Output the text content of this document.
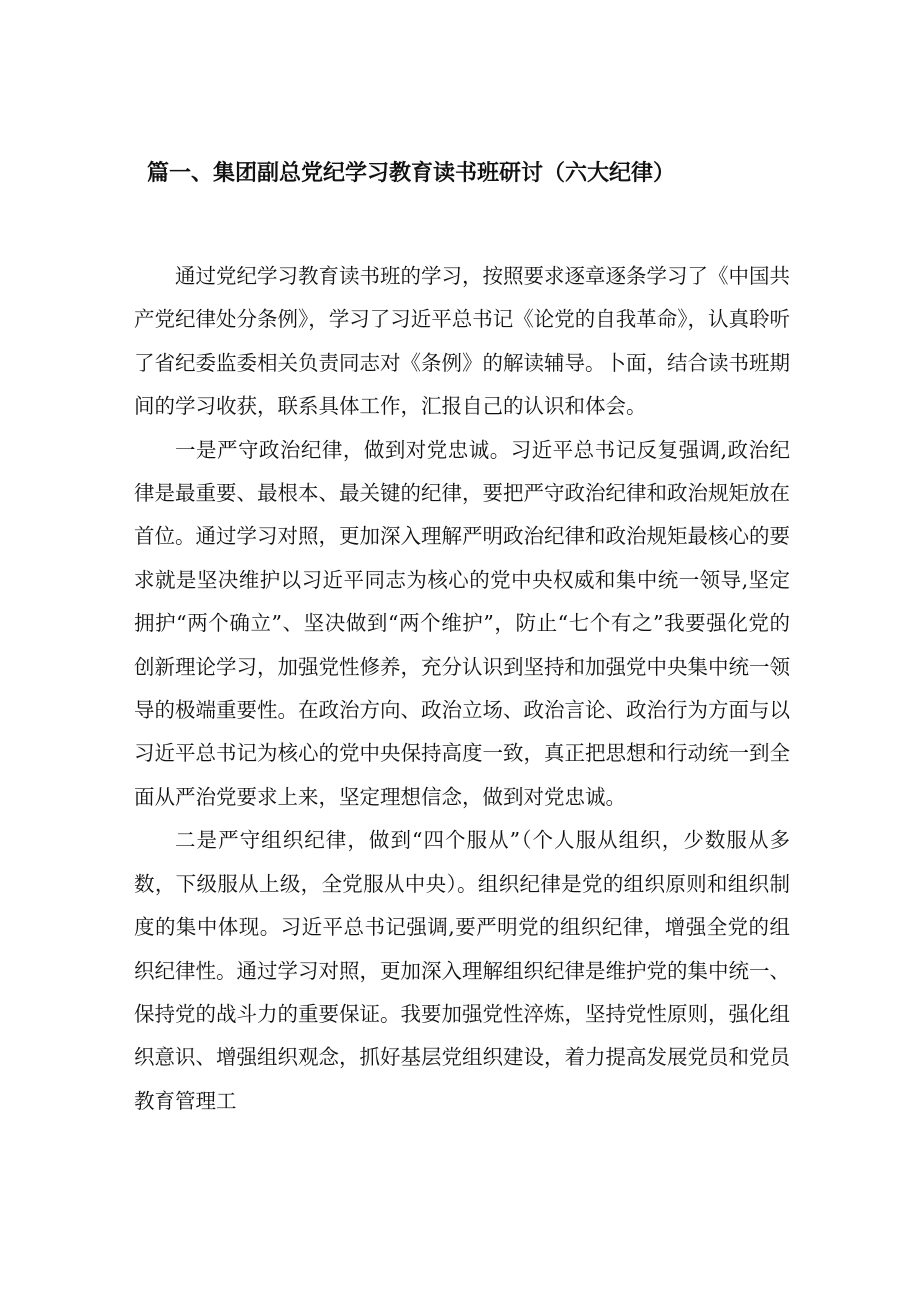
篇一、集团副总党纪学习教育读书班研讨（六大纪律）

通过党纪学习教育读书班的学习，按照要求逐章逐条学习了《中国共产党纪律处分条例》，学习了习近平总书记《论党的自我革命》，认真聆听了省纪委监委相关负责同志对《条例》的解读辅导。卜面，结合读书班期间的学习收获，联系具体工作，汇报自己的认识和体会。

一是严守政治纪律，做到对党忠诚。习近平总书记反复强调,政治纪律是最重要、最根本、最关键的纪律，要把严守政治纪律和政治规矩放在首位。通过学习对照，更加深入理解严明政治纪律和政治规矩最核心的要求就是坚决维护以习近平同志为核心的党中央权威和集中统一领导,坚定拥护“两个确立”、坚决做到“两个维护”，防止“七个有之”我要强化党的创新理论学习，加强党性修养，充分认识到坚持和加强党中央集中统一领导的极端重要性。在政治方向、政治立场、政治言论、政治行为方面与以习近平总书记为核心的党中央保持高度一致，真正把思想和行动统一到全面从严治党要求上来，坚定理想信念，做到对党忠诚。

二是严守组织纪律，做到“四个服从”（个人服从组织，少数服从多数，下级服从上级，全党服从中央）。组织纪律是党的组织原则和组织制度的集中体现。习近平总书记强调,要严明党的组织纪律，增强全党的组织纪律性。通过学习对照，更加深入理解组织纪律是维护党的集中统一、保持党的战斗力的重要保证。我要加强党性淬炼，坚持党性原则，强化组织意识、增强组织观念，抓好基层党组织建设，着力提高发展党员和党员教育管理工
